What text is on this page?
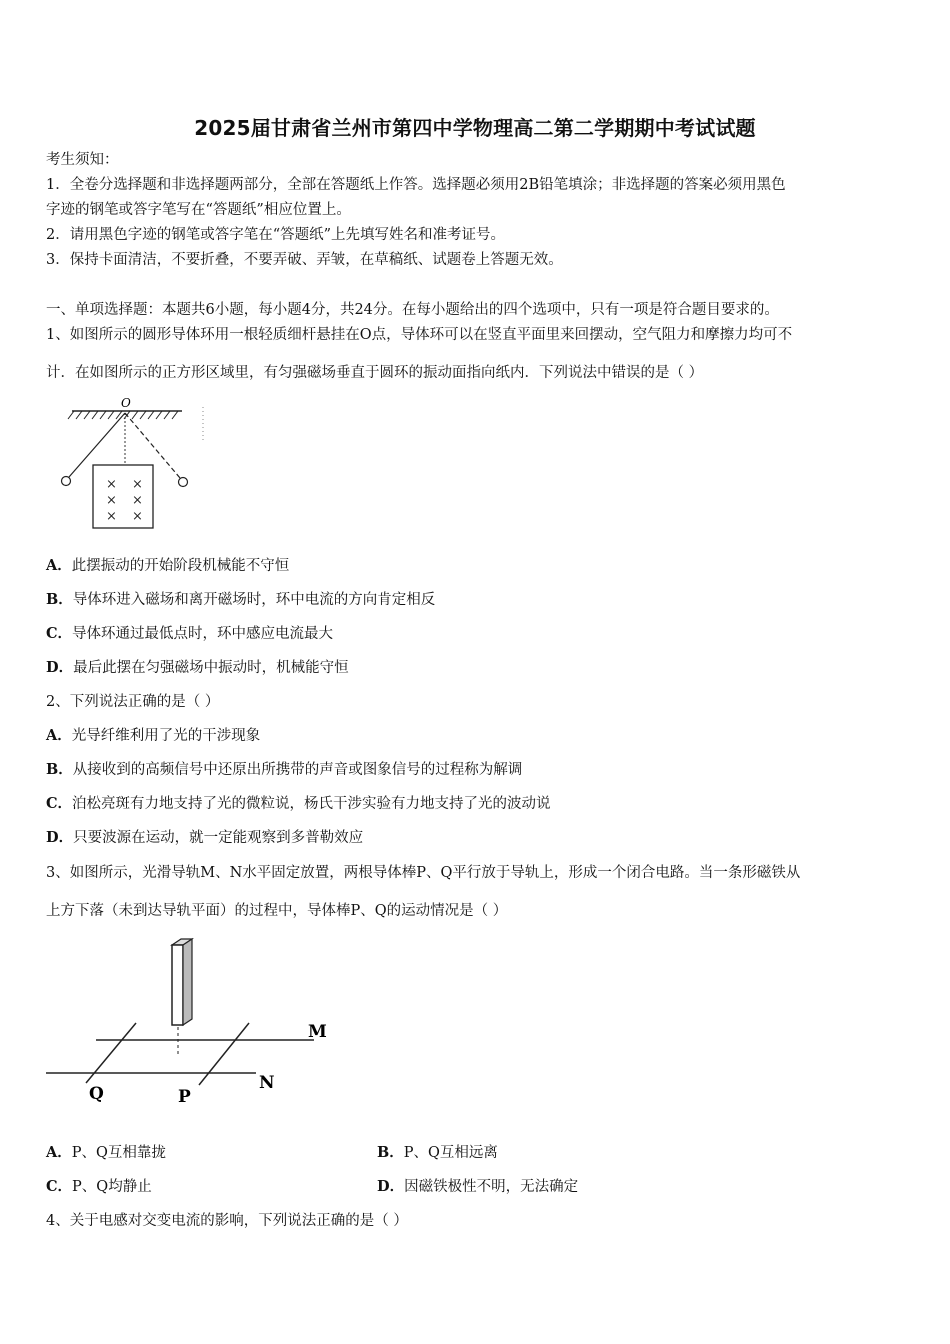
2025届甘肃省兰州市第四中学物理高二第二学期期中考试试题
考生须知：
1．全卷分选择题和非选择题两部分，全部在答题纸上作答。选择题必须用2B铅笔填涂；非选择题的答案必须用黑色
字迹的钢笔或答字笔写在“答题纸”相应位置上。
2．请用黑色字迹的钢笔或答字笔在“答题纸”上先填写姓名和准考证号。
3．保持卡面清洁，不要折叠，不要弄破、弄皱，在草稿纸、试题卷上答题无效。
一、单项选择题：本题共6小题，每小题4分，共24分。在每小题给出的四个选项中，只有一项是符合题目要求的。
1、如图所示的圆形导体环用一根轻质细杆悬挂在O点，导体环可以在竖直平面里来回摆动，空气阻力和摩擦力均可不
计．在如图所示的正方形区域里，有匀强磁场垂直于圆环的振动面指向纸内．下列说法中错误的是（ ）
O
× ×
× ×
× ×
A．此摆振动的开始阶段机械能不守恒
B．导体环进入磁场和离开磁场时，环中电流的方向肯定相反
C．导体环通过最低点时，环中感应电流最大
D．最后此摆在匀强磁场中振动时，机械能守恒
2、下列说法正确的是（ ）
A．光导纤维利用了光的干涉现象
B．从接收到的高频信号中还原出所携带的声音或图象信号的过程称为解调
C．泊松亮斑有力地支持了光的微粒说，杨氏干涉实验有力地支持了光的波动说
D．只要波源在运动，就一定能观察到多普勒效应
3、如图所示，光滑导轨M、N水平固定放置，两根导体棒P、Q平行放于导轨上，形成一个闭合电路。当一条形磁铁从
上方下落（未到达导轨平面）的过程中，导体棒P、Q的运动情况是（ ）
M
N
Q	P
A．P、Q互相靠拢	B．P、Q互相远离
C．P、Q均静止	D．因磁铁极性不明，无法确定
4、关于电感对交变电流的影响，下列说法正确的是（ ）
